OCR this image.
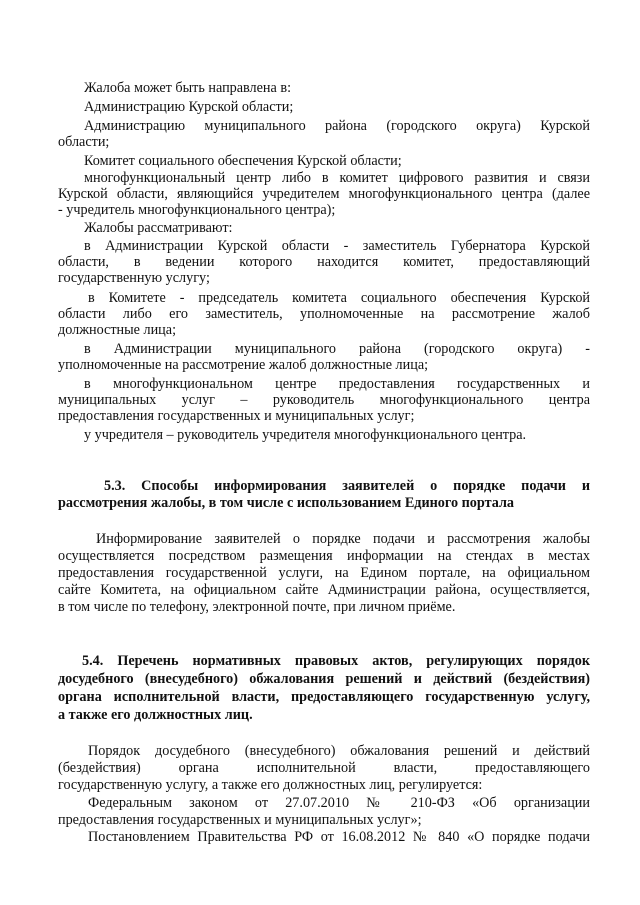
Жалоба может быть направлена в:
Администрацию Курской области;
Администрацию муниципального района (городского округа) Курской
области;
Комитет социального обеспечения Курской области;
многофункциональный центр либо в комитет цифрового развития и связи
Курской области, являющийся учредителем многофункционального центра (далее
- учредитель многофункционального центра);
Жалобы рассматривают:
в Администрации Курской области - заместитель Губернатора Курской
области, в ведении которого находится комитет, предоставляющий
государственную услугу;
в Комитете - председатель комитета социального обеспечения Курской
области либо его заместитель, уполномоченные на рассмотрение жалоб
должностные лица;
в Администрации муниципального района (городского округа) -
уполномоченные на рассмотрение жалоб должностные лица;
в многофункциональном центре предоставления государственных и
муниципальных услуг – руководитель многофункционального центра
предоставления государственных и муниципальных услуг;
у учредителя – руководитель учредителя многофункционального центра.
5.3. Способы информирования заявителей о порядке подачи и
рассмотрения жалобы, в том числе с использованием Единого портала
Информирование заявителей о порядке подачи и рассмотрения жалобы
осуществляется посредством размещения информации на стендах в местах
предоставления государственной услуги, на Едином портале, на официальном
сайте Комитета, на официальном сайте Администрации района, осуществляется,
в том числе по телефону, электронной почте, при личном приёме.
5.4. Перечень нормативных правовых актов, регулирующих порядок
досудебного (внесудебного) обжалования решений и действий (бездействия)
органа исполнительной власти, предоставляющего государственную услугу,
а также его должностных лиц.
Порядок досудебного (внесудебного) обжалования решений и действий
(бездействия) органа исполнительной власти, предоставляющего
государственную услугу, а также его должностных лиц, регулируется:
Федеральным законом от 27.07.2010 № 210-ФЗ «Об организации
предоставления государственных и муниципальных услуг»;
Постановлением Правительства РФ от 16.08.2012 № 840 «О порядке подачи
